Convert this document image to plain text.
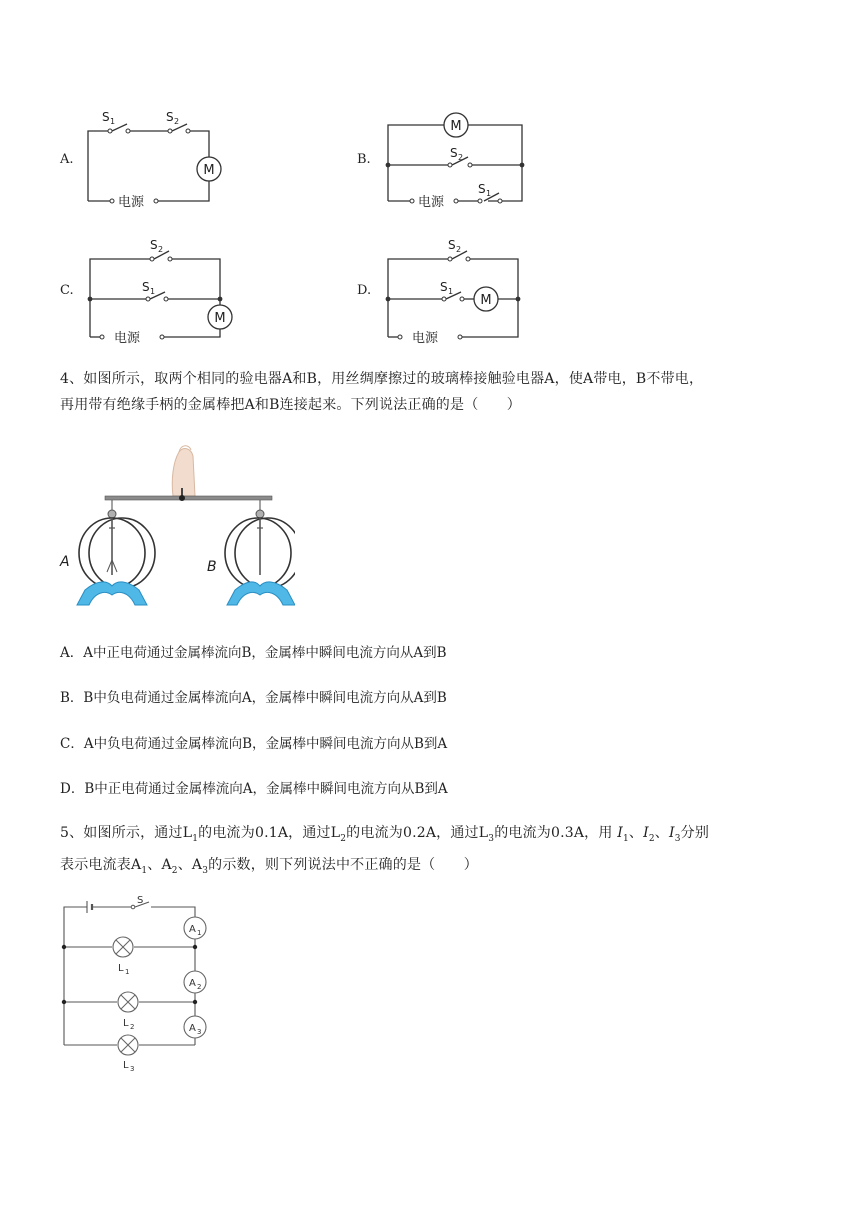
A.
M
S 1	S 2
电源
B.
M
S 2
S 1
电源
C.
M
S 2
S 1
电源
D.
M
S 2
S 1
电源
4、如图所示，取两个相同的验电器A和B，用丝绸摩擦过的玻璃棒接触验电器A，使A带电，B不带电，
再用带有绝缘手柄的金属棒把A和B连接起来。下列说法正确的是（　　）
A	B
A．A中正电荷通过金属棒流向B，金属棒中瞬间电流方向从A到B
B．B中负电荷通过金属棒流向A，金属棒中瞬间电流方向从A到B
C．A中负电荷通过金属棒流向B，金属棒中瞬间电流方向从B到A
D．B中正电荷通过金属棒流向A，金属棒中瞬间电流方向从B到A
5、如图所示，通过$L_1$的电流为0.1A，通过$L_2$的电流为0.2A，通过$L_3$的电流为0.3A，用 $I_1$、$I_2$、$I_3$分别
表示电流表$A_1$、$A_2$、$A_3$的示数，则下列说法中不正确的是（　　）
A 1
A 2
A 3
S
L 1
L 2
L 3
